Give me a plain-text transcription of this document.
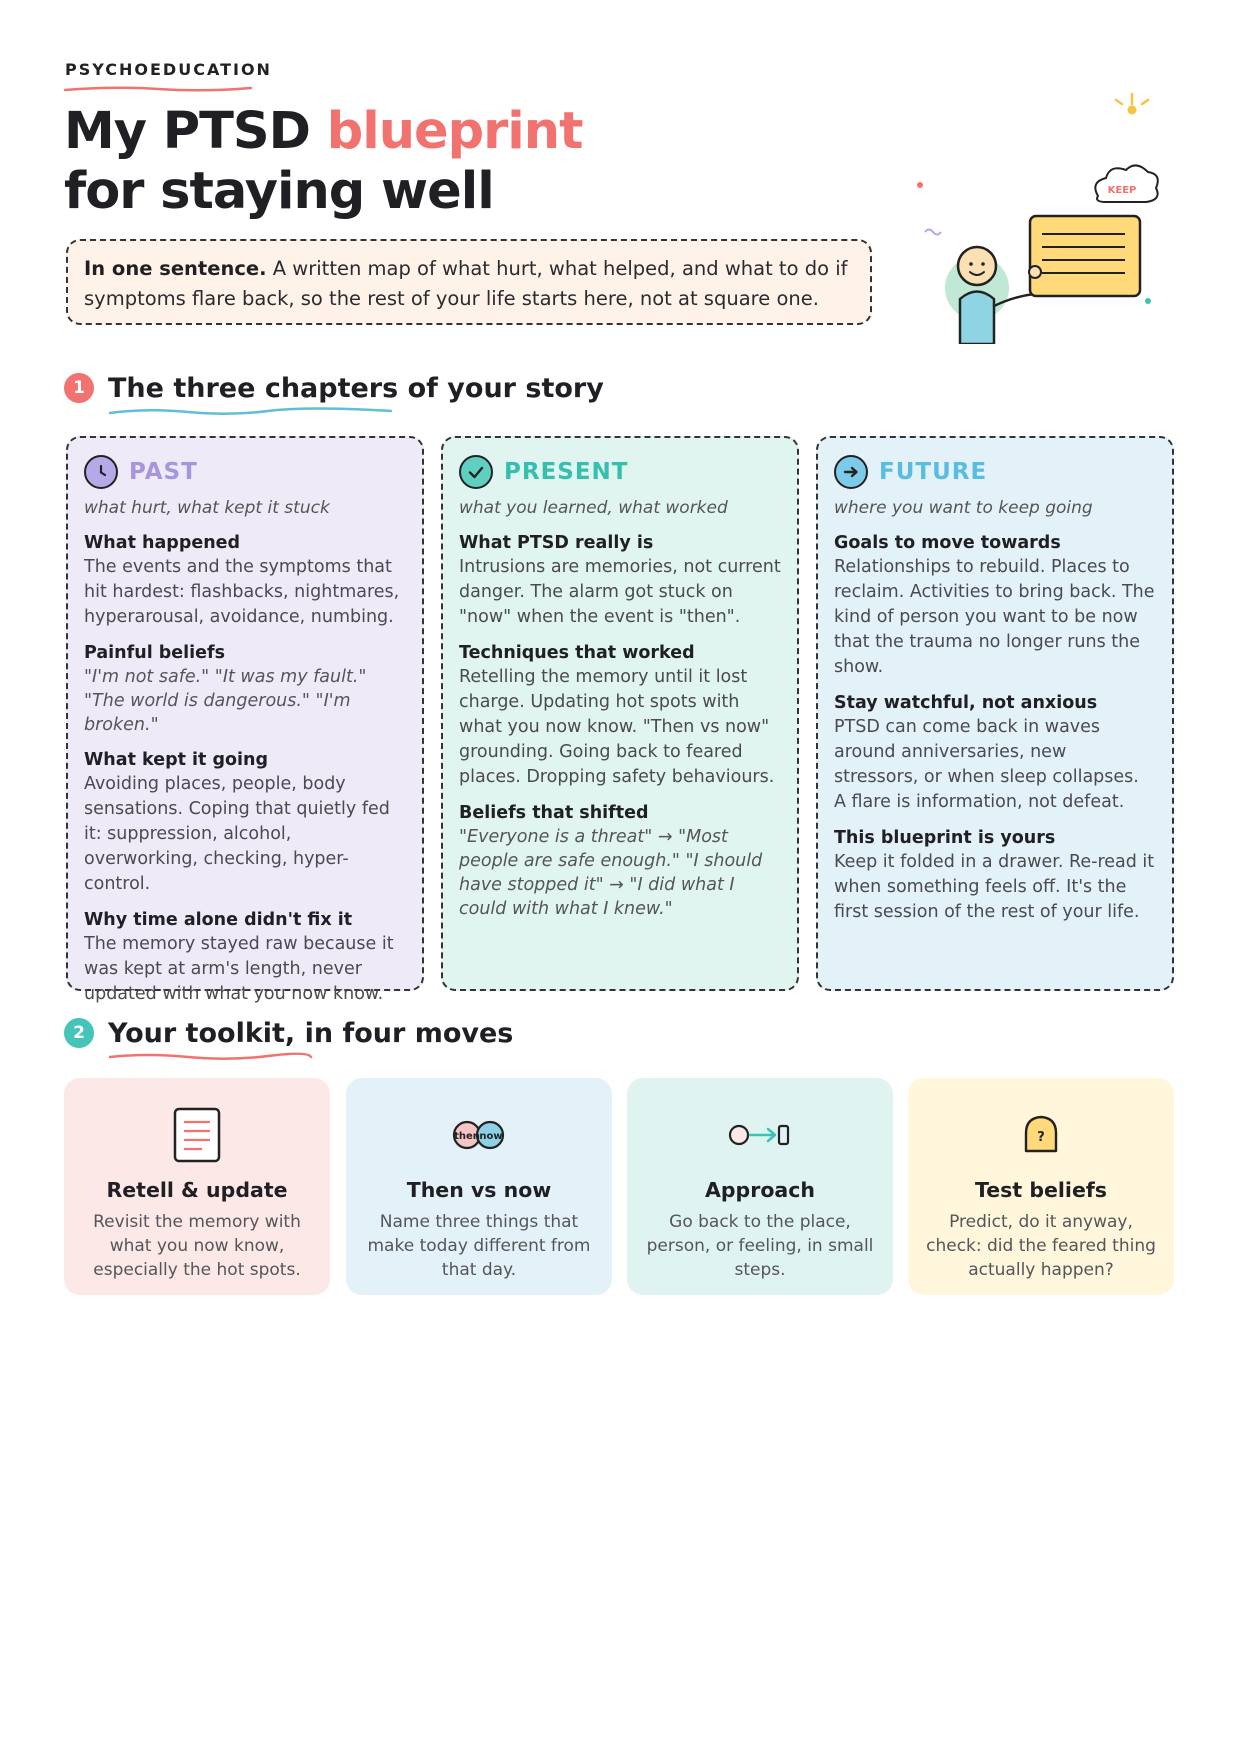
PSYCHOEDUCATION
My PTSD blueprint
for staying well
In one sentence. A written map of what hurt, what helped, and what to do if symptoms flare back, so the rest of your life starts here, not at square one.
KEEP
1 The three chapters of your story
PAST
what hurt, what kept it stuck
What happened
The events and the symptoms that hit hardest: flashbacks, nightmares, hyperarousal, avoidance, numbing.
Painful beliefs
"I'm not safe." "It was my fault." "The world is dangerous." "I'm broken."
What kept it going
Avoiding places, people, body sensations. Coping that quietly fed it: suppression, alcohol, overworking, checking, hyper-control.
Why time alone didn't fix it
The memory stayed raw because it was kept at arm's length, never updated with what you now know.
PRESENT
what you learned, what worked
What PTSD really is
Intrusions are memories, not current danger. The alarm got stuck on "now" when the event is "then".
Techniques that worked
Retelling the memory until it lost charge. Updating hot spots with what you now know. "Then vs now" grounding. Going back to feared places. Dropping safety behaviours.
Beliefs that shifted
"Everyone is a threat" → "Most people are safe enough." "I should have stopped it" → "I did what I could with what I knew."
FUTURE
where you want to keep going
Goals to move towards
Relationships to rebuild. Places to reclaim. Activities to bring back. The kind of person you want to be now that the trauma no longer runs the show.
Stay watchful, not anxious
PTSD can come back in waves around anniversaries, new stressors, or when sleep collapses. A flare is information, not defeat.
This blueprint is yours
Keep it folded in a drawer. Re-read it when something feels off. It's the first session of the rest of your life.
2 Your toolkit, in four moves
Retell & update
Revisit the memory with what you now know, especially the hot spots.
then now
Then vs now
Name three things that make today different from that day.
Approach
Go back to the place, person, or feeling, in small steps.
?
Test beliefs
Predict, do it anyway, check: did the feared thing actually happen?
